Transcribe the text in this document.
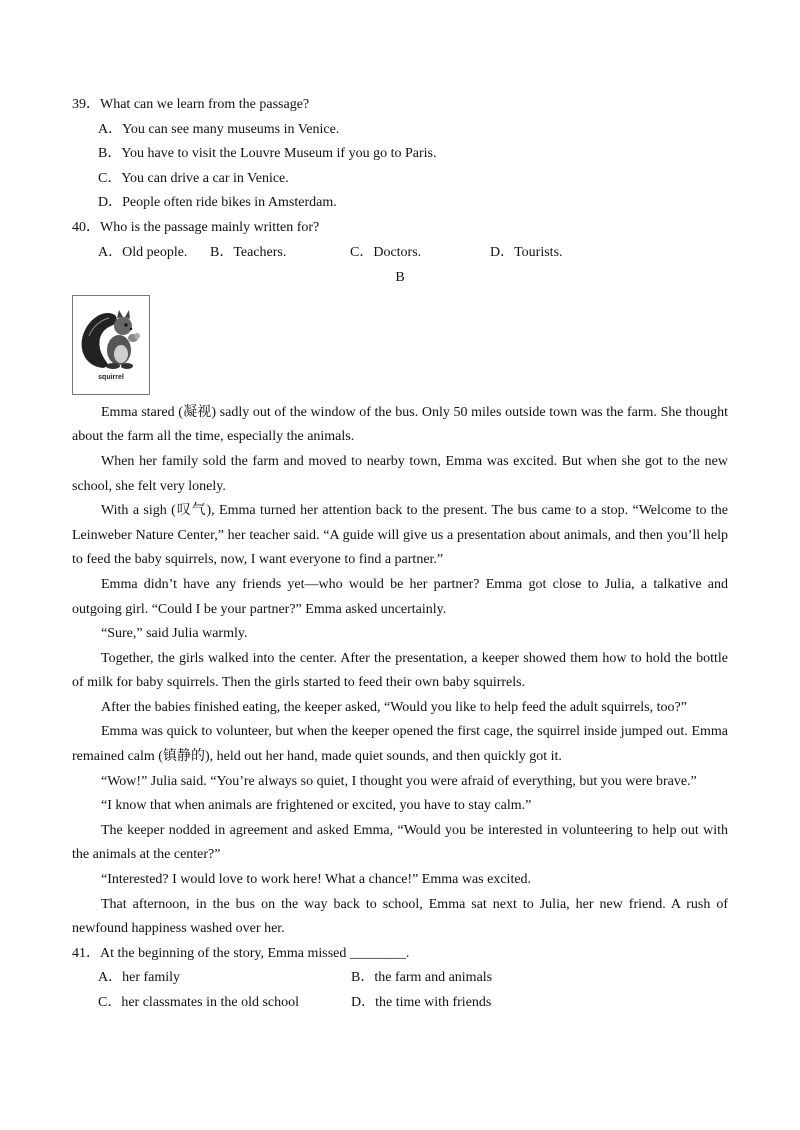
39．What can we learn from the passage?

A．You can see many museums in Venice.

B．You have to visit the Louvre Museum if you go to Paris.

C．You can drive a car in Venice.

D．People often ride bikes in Amsterdam.

40．Who is the passage mainly written for?

A．Old people.	B．Teachers.	C．Doctors.	D．Tourists.
B
squirrel

Emma stared (凝视) sadly out of the window of the bus. Only 50 miles outside town was the farm. She thought about the farm all the time, especially the animals.

When her family sold the farm and moved to nearby town, Emma was excited. But when she got to the new school, she felt very lonely.

With a sigh (叹气), Emma turned her attention back to the present. The bus came to a stop. “Welcome to the Leinweber Nature Center,” her teacher said. “A guide will give us a presentation about animals, and then you’ll help to feed the baby squirrels, now, I want everyone to find a partner.”

Emma didn’t have any friends yet—who would be her partner? Emma got close to Julia, a talkative and outgoing girl. “Could I be your partner?” Emma asked uncertainly.

“Sure,” said Julia warmly.

Together, the girls walked into the center. After the presentation, a keeper showed them how to hold the bottle of milk for baby squirrels. Then the girls started to feed their own baby squirrels.

After the babies finished eating, the keeper asked, “Would you like to help feed the adult squirrels, too?”

Emma was quick to volunteer, but when the keeper opened the first cage, the squirrel inside jumped out. Emma remained calm (镇静的), held out her hand, made quiet sounds, and then quickly got it.

“Wow!” Julia said. “You’re always so quiet, I thought you were afraid of everything, but you were brave.”

“I know that when animals are frightened or excited, you have to stay calm.”

The keeper nodded in agreement and asked Emma, “Would you be interested in volunteering to help out with the animals at the center?”

“Interested? I would love to work here! What a chance!” Emma was excited.

That afternoon, in the bus on the way back to school, Emma sat next to Julia, her new friend. A rush of newfound happiness washed over her.

41．At the beginning of the story, Emma missed ________.

A．her family	B．the farm and animals
C．her classmates in the old school	D．the time with friends
